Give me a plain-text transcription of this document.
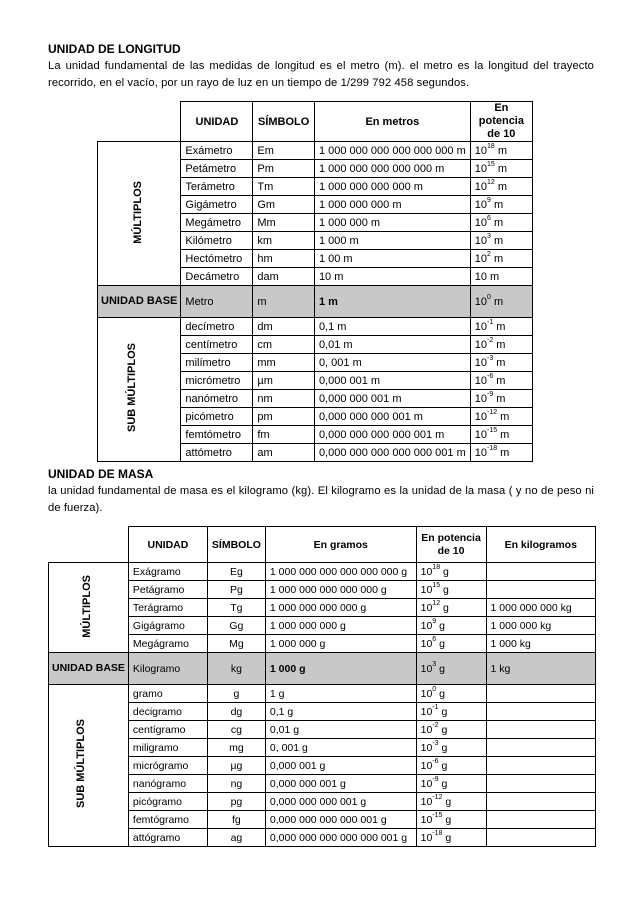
UNIDAD DE LONGITUD
La unidad fundamental de las medidas de longitud es el metro (m). el metro es la longitud del trayecto recorrido, en el vacío, por un rayo de luz en un tiempo de 1/299 792 458 segundos.
	UNIDAD	SÍMBOLO	En metros	En potencia de 10
MÚLTIPLOS	Exámetro	Em	1 000 000 000 000 000 000 m	$10^{18}$ m
	Petámetro	Pm	1 000 000 000 000 000 m	$10^{15}$ m
	Terámetro	Tm	1 000 000 000 000 m	$10^{12}$ m
	Gigámetro	Gm	1 000 000 000 m	$10^9$ m
	Megámetro	Mm	1 000 000 m	$10^6$ m
	Kilómetro	km	1 000 m	$10^3$ m
	Hectómetro	hm	1 00 m	$10^2$ m
	Decámetro	dam	10 m	10 m
UNIDAD BASE	Metro	m	1 m	$10^0$ m
SUB MÚLTIPLOS	decímetro	dm	0,1 m	$10^{-1}$ m
	centímetro	cm	0,01 m	$10^{-2}$ m
	milímetro	mm	0, 001 m	$10^{-3}$ m
	micrómetro	µm	0,000 001 m	$10^{-6}$ m
	nanómetro	nm	0,000 000 001 m	$10^{-9}$ m
	picómetro	pm	0,000 000 000 001 m	$10^{-12}$ m
	femtómetro	fm	0,000 000 000 000 001 m	$10^{-15}$ m
	attómetro	am	0,000 000 000 000 000 001 m	$10^{-18}$ m
UNIDAD DE MASA
la unidad fundamental de masa es el kilogramo (kg). El kilogramo es la unidad de la masa ( y no de peso ni de fuerza).
	UNIDAD	SÍMBOLO	En gramos	En potencia de 10	En kilogramos
MÚLTIPLOS	Exágramo	Eg	1 000 000 000 000 000 000 g	$10^{18}$ g	
	Petágramo	Pg	1 000 000 000 000 000 g	$10^{15}$ g	
	Terágramo	Tg	1 000 000 000 000 g	$10^{12}$ g	1 000 000 000 kg
	Gigágramo	Gg	1 000 000 000 g	$10^9$ g	1 000 000 kg
	Megágramo	Mg	1 000 000 g	$10^6$ g	1 000 kg
UNIDAD BASE	Kilogramo	kg	1 000 g	$10^3$ g	1 kg
SUB MÚLTIPLOS	gramo	g	1 g	$10^0$ g	
	decigramo	dg	0,1 g	$10^{-1}$ g	
	centígramo	cg	0,01 g	$10^{-2}$ g	
	miligramo	mg	0, 001 g	$10^{-3}$ g	
	micrógramo	µg	0,000 001 g	$10^{-6}$ g	
	nanógramo	ng	0,000 000 001 g	$10^{-9}$ g	
	picógramo	pg	0,000 000 000 001 g	$10^{-12}$ g	
	femtógramo	fg	0,000 000 000 000 001 g	$10^{-15}$ g	
	attógramo	ag	0,000 000 000 000 000 001 g	$10^{-18}$ g	
